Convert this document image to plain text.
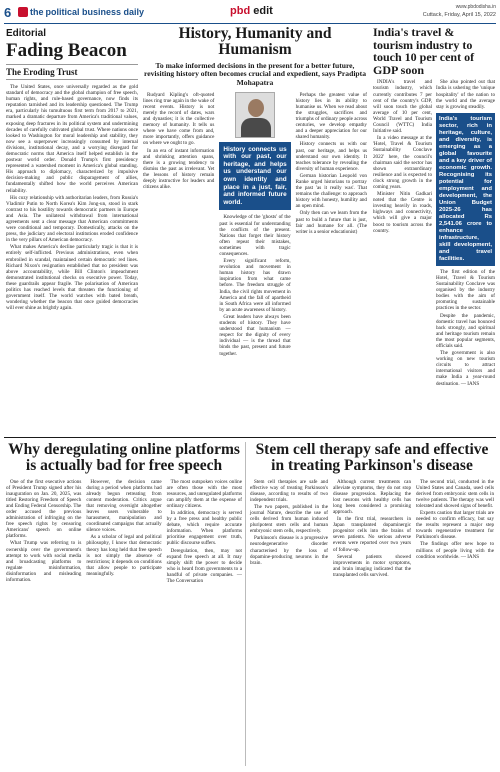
6 the political business daily	pbd edit	www.pbdodisha.in
Cuttack, Friday, April 15, 2022
Editorial
Fading Beacon
The Eroding Trust

The United States, once universally regarded as the gold standard of democracy and the global champion of free speech, human rights, and rule-based governance, now finds its reputation tarnished and its leadership questioned. The Trump era, particularly his tumultuous first term from 2017 to 2021, marked a dramatic departure from America's traditional values, exposing deep fractures in its political system and undermining decades of carefully cultivated global trust. Where nations once looked to Washington for moral leadership and stability, they now see a superpower increasingly consumed by internal divisions, institutional decay, and a worrying disregard for democratic norms that America itself helped establish in the postwar world order. Donald Trump's first presidency represented a watershed moment in America's global standing. His approach to diplomacy, characterized by impulsive decision-making and public disparagement of allies, fundamentally shifted how the world perceives American reliability.

His cozy relationship with authoritarian leaders, from Russia's Vladimir Putin to North Korea's Kim Jong-un, stood in stark contrast to his hostility towards democratic partners in Europe and Asia. The unilateral withdrawal from international agreements sent a clear message that American commitments were conditional and temporary. Domestically, attacks on the press, the judiciary and electoral institutions eroded confidence in the very pillars of American democracy.

What makes America's decline particularly tragic is that it is entirely self-inflicted. Previous administrations, even when embroiled in scandal, maintained certain democratic red lines. Richard Nixon's resignation established that no president was above accountability, while Bill Clinton's impeachment demonstrated institutional checks on executive power. Today, these guardrails appear fragile. The polarisation of American politics has reached levels that threaten the functioning of government itself. The world watches with bated breath, wondering whether the beacon that once guided democracies will ever shine as brightly again.

History, Humanity and Humanism
To make informed decisions in the present for a better future, revisiting history often becomes crucial and expedient, says Pradipta Mohapatra

Rudyard Kipling's oft-quoted lines ring true again in the wake of recent events. History is not merely the record of dates, wars and dynasties; it is the collective memory of humanity. It tells us where we have come from and, more importantly, offers guidance on where we ought to go.

In an era of instant information and shrinking attention spans, there is a growing tendency to dismiss the past as irrelevant. Yet the lessons of history remain deeply instructive for leaders and citizens alike.

History connects us with our past, our heritage, and helps us understand our own identity and place in a just, fair, and informed future world.

Knowledge of the 'ghosts' of the past is essential for understanding the conflicts of the present. Nations that forget their history often repeat their mistakes, sometimes with tragic consequences.

Every significant reform, revolution and movement in human history has drawn inspiration from what came before. The freedom struggle of India, the civil rights movement in America and the fall of apartheid in South Africa were all informed by an acute awareness of history.

Great leaders have always been students of history. They have understood that humanism — respect for the dignity of every individual — is the thread that binds the past, present and future together.

Perhaps the greatest value of history lies in its ability to humanise us. When we read about the struggles, sacrifices and triumphs of ordinary people across centuries, we develop empathy and a deeper appreciation for our shared humanity.

History connects us with our past, our heritage, and helps us understand our own identity. It teaches tolerance by revealing the diversity of human experience.

German historian Leopold von Ranke urged historians to portray the past 'as it really was'. That remains the challenge: to approach history with honesty, humility and an open mind.

Only then can we learn from the past to build a future that is just, fair and humane for all. (The writer is a senior educationist)

India's travel & tourism industry to touch 10 per cent of GDP soon

INDIA's travel and tourism industry, which currently contributes 7 per cent of the country's GDP, will soon touch the global average of 10 per cent, World Travel and Tourism Council (WTTC) India Initiative said.

In a video message at the 'Hotel, Travel & Tourism Sustainability Conclave 2022' here, the council's chairman said the sector has shown extraordinary resilience and is expected to clock strong growth in the coming years.

Minister Nitin Gadkari noted that the Centre is investing heavily in roads, highways and connectivity, which will give a major boost to tourism across the country.

She also pointed out that India is ushering the 'unique hospitality' of the nation to the world and the average stay is growing steadily.

India's tourism sector, rich in heritage, culture, and diversity, is emerging as a global favourite and a key driver of economic growth. Recognising its potential for employment and development, the Union Budget 2025-26 has allocated Rs 2,541.06 crore to enhance infrastructure, skill development, and travel facilities.

The first edition of the Hotel, Travel & Tourism Sustainability Conclave was organised by the industry bodies with the aim of promoting sustainable practices in the sector.

Despite the pandemic, domestic travel has bounced back strongly, and spiritual and heritage tourism remain the most popular segments, officials said.

The government is also working on new tourism circuits to attract international visitors and make India a year-round destination. — IANS

Why deregulating online platforms is actually bad for free speech

One of the first executive actions of President Trump signed after his inauguration on Jan. 20, 2025, was titled Restoring Freedom of Speech and Ending Federal Censorship. The order accused the previous administration of infringing on the free speech rights by censoring Americans' speech on online platforms.

What Trump was referring to is ownership over the government's attempt to work with social media and broadcasting platforms to regulate misinformation, disinformation and misleading information.

However, the decision came during a period when platforms had already begun retreating from content moderation. Critics argue that removing oversight altogether leaves users vulnerable to harassment, manipulation and coordinated campaigns that actually silence voices.

As a scholar of legal and political philosophy, I know that democratic theory has long held that free speech is not simply the absence of restrictions; it depends on conditions that allow people to participate meaningfully.

The most outspoken voices online are often those with the most resources, and unregulated platforms can amplify them at the expense of ordinary citizens.

In addition, democracy is served by a free press and healthy public debate, which require accurate information. When platforms prioritise engagement over truth, public discourse suffers.

Deregulation, then, may not expand free speech at all. It may simply shift the power to decide who is heard from governments to a handful of private companies. — The Conversation

Stem cell therapy safe and effective in treating Parkinson's disease

Stem cell therapies are safe and effective way of treating Parkinson's disease, according to results of two independent trials.

The two papers, published in the journal Nature, describe the use of cells derived from human induced pluripotent stem cells and human embryonic stem cells, respectively.

Parkinson's disease is a progressive neurodegenerative disorder characterised by the loss of dopamine-producing neurons in the brain.

Although current treatments can alleviate symptoms, they do not stop disease progression. Replacing the lost neurons with healthy cells has long been considered a promising approach.

In the first trial, researchers in Japan transplanted dopaminergic progenitor cells into the brains of seven patients. No serious adverse events were reported over two years of follow-up.

Several patients showed improvements in motor symptoms, and brain imaging indicated that the transplanted cells survived.

The second trial, conducted in the United States and Canada, used cells derived from embryonic stem cells in twelve patients. The therapy was well tolerated and showed signs of benefit.

Experts caution that larger trials are needed to confirm efficacy, but say the results represent a major step towards regenerative treatment for Parkinson's disease.

The findings offer new hope to millions of people living with the condition worldwide. — IANS
